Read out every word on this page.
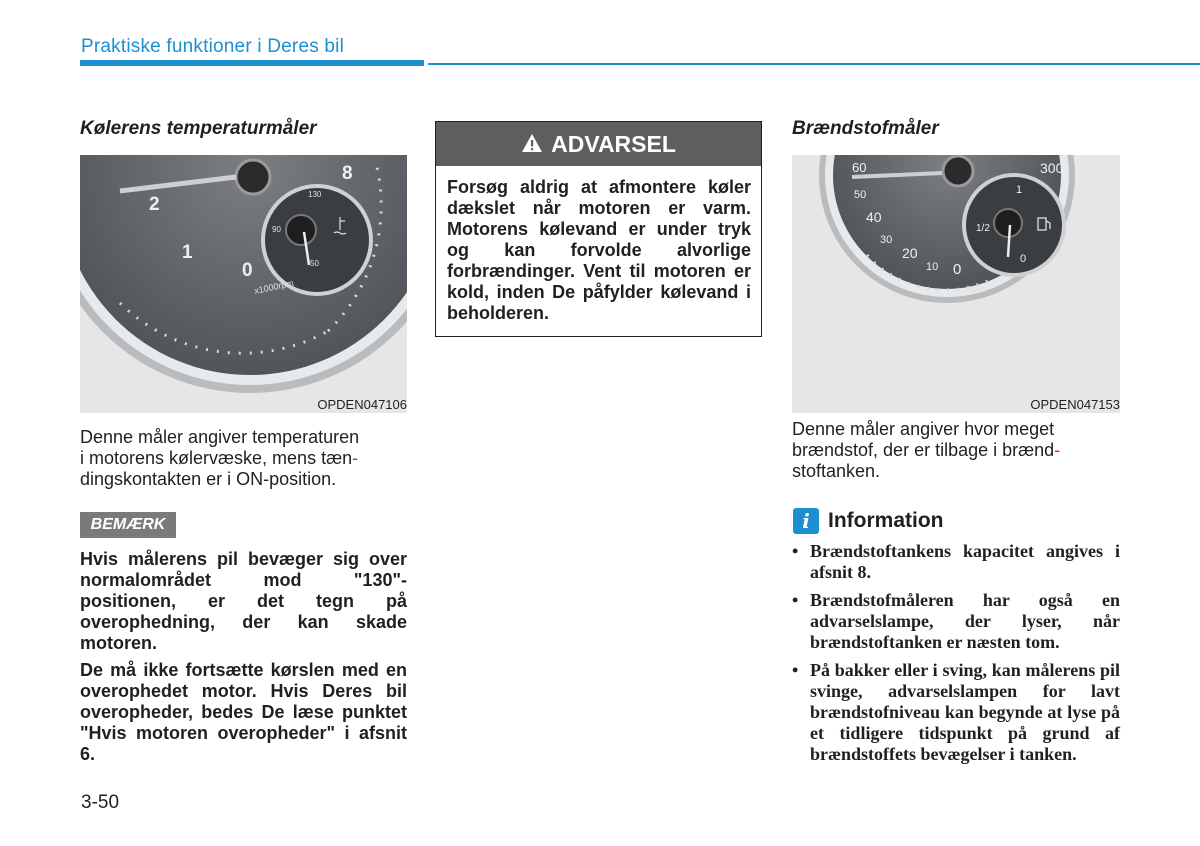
Praktiske funktioner i Deres bil
Kølerens temperaturmåler
8
2
1
0
x1000rpm
130
90
50
OPDEN047106
Denne måler angiver temperaturen
i motorens kølervæske, mens tæn-
dingskontakten er i ON-position.
BEMÆRK
Hvis målerens pil bevæger sig over normalområdet mod "130"-positionen, er det tegn på overophedning, der kan skade motoren.
De må ikke fortsætte kørslen med en overophedet motor. Hvis Deres bil overopheder, bedes De læse punktet "Hvis motoren overopheder" i afsnit 6.
ADVARSEL
Forsøg aldrig at afmontere køler dækslet når motoren er varm. Motorens kølevand er under tryk og kan forvolde alvorlige forbrændinger. Vent til motoren er kold, inden De påfylder kølevand i beholderen.
Brændstofmåler
60
50
40
30
20
10 0
300
km/h
1
1/2
0
OPDEN047153
Denne måler angiver hvor meget
brændstof, der er tilbage i brænd-
stoftanken.
i Information
• Brændstoftankens kapacitet angives i afsnit 8.
• Brændstofmåleren har også en advarselslampe, der lyser, når brændstoftanken er næsten tom.
• På bakker eller i sving, kan målerens pil svinge, advarselslampen for lavt brændstofniveau kan begynde at lyse på et tidligere tidspunkt på grund af brændstoffets bevægelser i tanken.
3-50
